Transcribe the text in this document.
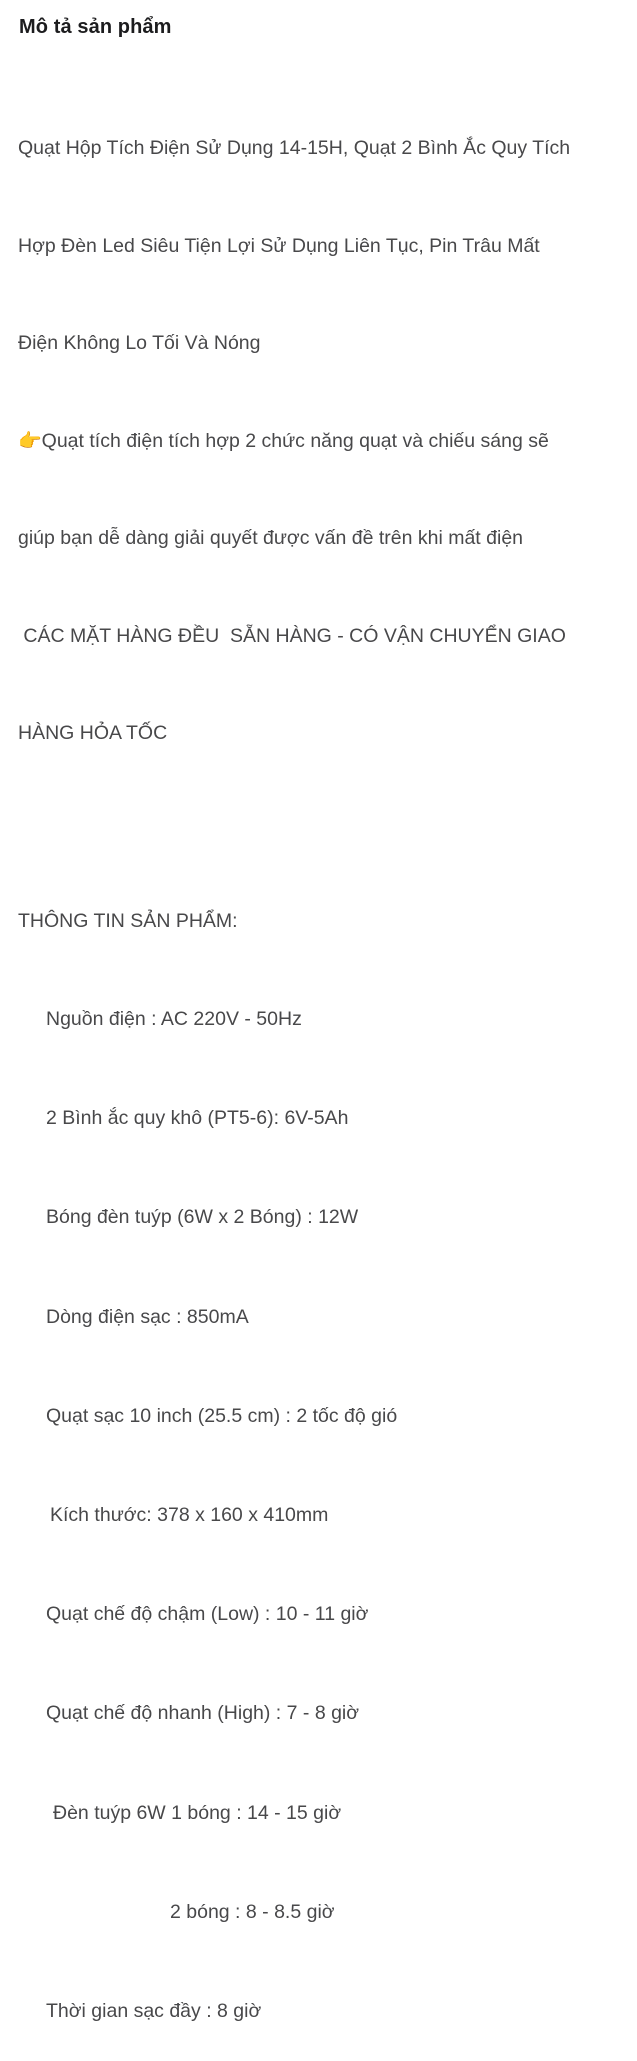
Mô tả sản phẩm

Quạt Hộp Tích Điện Sử Dụng 14-15H, Quạt 2 Bình Ắc Quy Tích

Hợp Đèn Led Siêu Tiện Lợi Sử Dụng Liên Tục, Pin Trâu Mất

Điện Không Lo Tối Và Nóng

👉Quạt tích điện tích hợp 2 chức năng quạt và chiếu sáng sẽ

giúp bạn dễ dàng giải quyết được vấn đề trên khi mất điện

CÁC MẶT HÀNG ĐỀU  SẴN HÀNG - CÓ VẬN CHUYỂN GIAO

HÀNG HỎA TỐC

THÔNG TIN SẢN PHẨM:

Nguồn điện : AC 220V - 50Hz

2 Bình ắc quy khô (PT5-6): 6V-5Ah

Bóng đèn tuýp (6W x 2 Bóng) : 12W

Dòng điện sạc : 850mA

Quạt sạc 10 inch (25.5 cm) : 2 tốc độ gió

Kích thước: 378 x 160 x 410mm

Quạt chế độ chậm (Low) : 10 - 11 giờ

Quạt chế độ nhanh (High) : 7 - 8 giờ

Đèn tuýp 6W 1 bóng : 14 - 15 giờ

2 bóng : 8 - 8.5 giờ

Thời gian sạc đầy : 8 giờ
